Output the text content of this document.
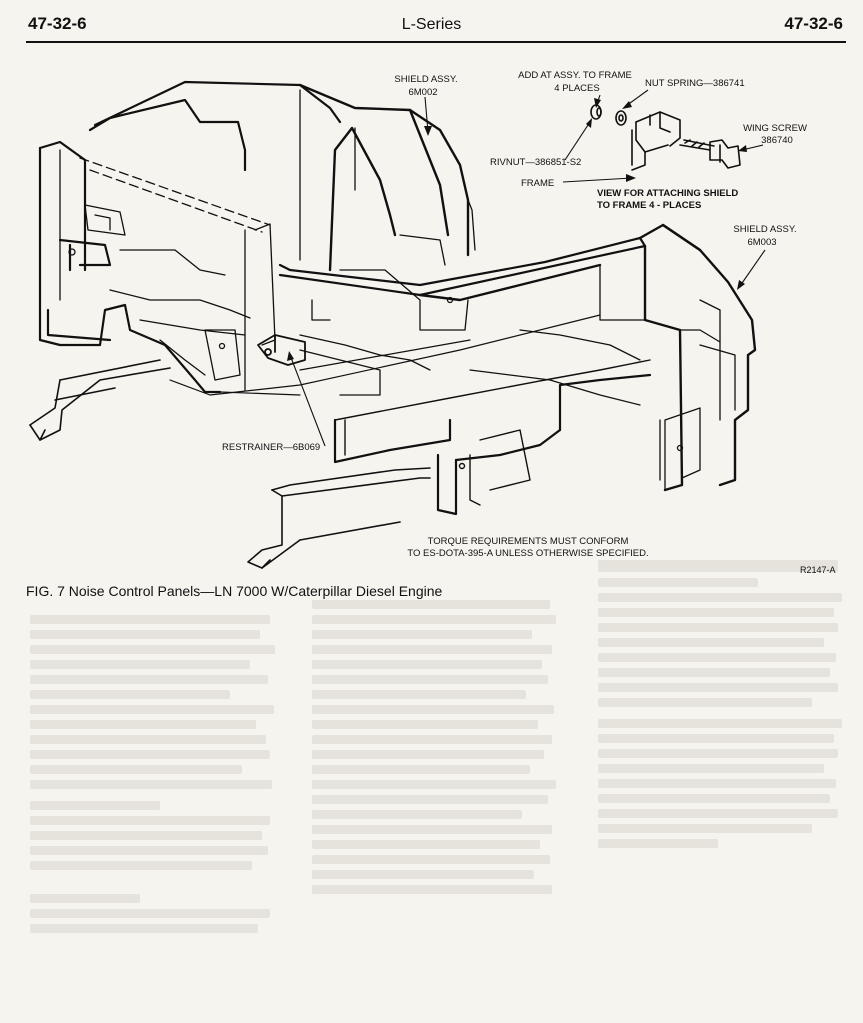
47-32-6	L-Series	47-32-6
SHIELD ASSY.
6M002
ADD AT ASSY. TO FRAME
4 PLACES	NUT SPRING—386741
WING SCREW
386740
RIVNUT—386851-S2
FRAME
VIEW FOR ATTACHING SHIELD
TO FRAME 4 - PLACES
SHIELD ASSY.
6M003
RESTRAINER—6B069
TORQUE REQUIREMENTS MUST CONFORM
TO ES-DOTA-395-A UNLESS OTHERWISE SPECIFIED.
R2147-A
FIG. 7 Noise Control Panels—LN 7000 W/Caterpillar Diesel Engine
